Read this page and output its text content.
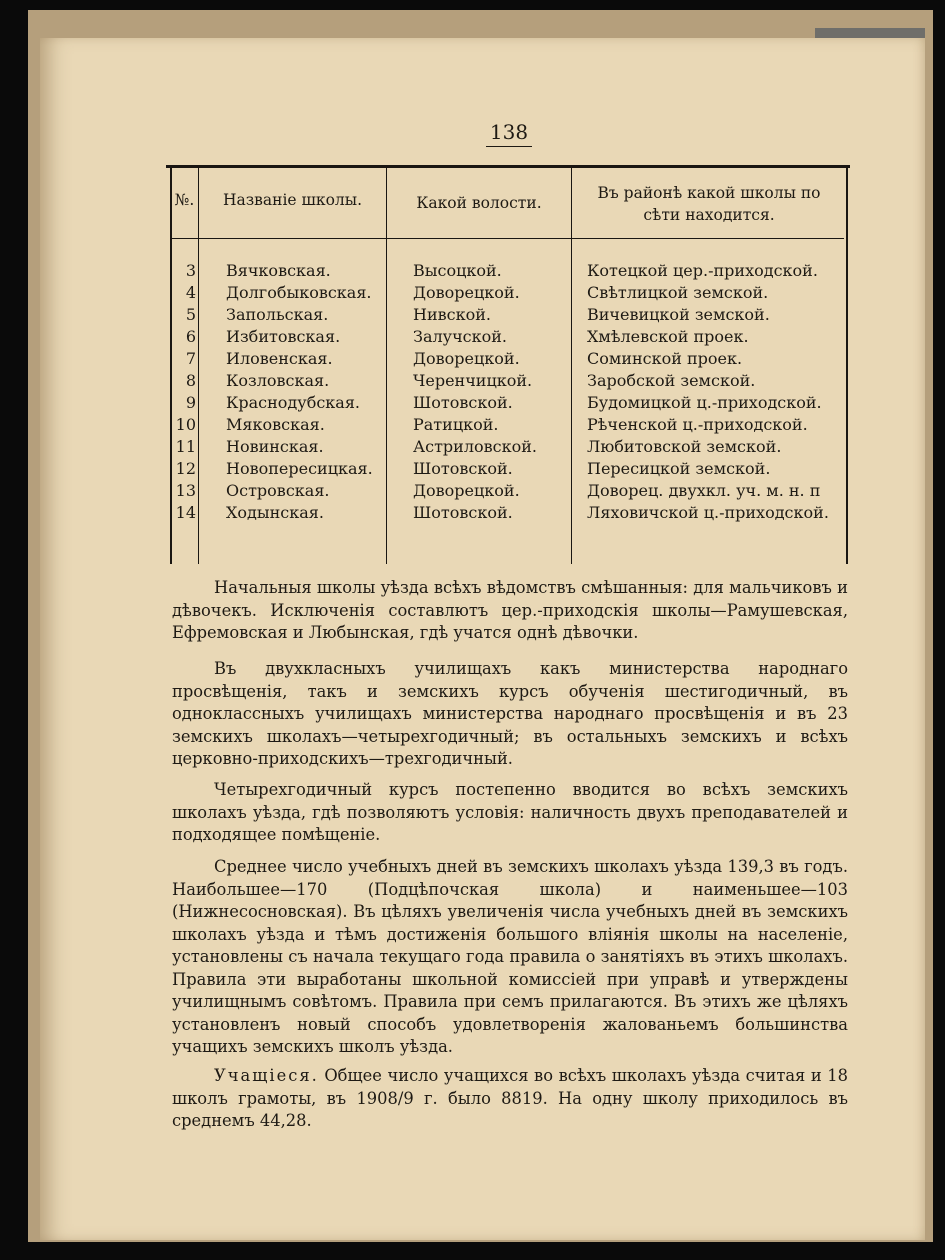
138
№.	Названіе школы.	Какой волости.
Въ районѣ какой школы по
сѣти находится.
3 Вячковская.	Высоцкой.	Котецкой цер.-приходской.
4 Долгобыковская.	Доворецкой.	Свѣтлицкой земской.
5 Запольская.	Нивской.	Вичевицкой земской.
6 Избитовская.	Залучской.	Хмѣлевской проек.
7 Иловенская.	Доворецкой.	Соминской проек.
8 Козловская.	Черенчицкой.	Заробской земской.
9 Краснодубская.	Шотовской.	Будомицкой ц.-приходской.
10 Мяковская.	Ратицкой.	Рѣченской ц.-приходской.
11 Новинская.	Астриловской.	Любитовской земской.
12 Новопересицкая.	Шотовской.	Пересицкой земской.
13 Островская.	Доворецкой.	Доворец. двухкл. уч. м. н. п
14 Ходынская.	Шотовской.	Ляховичской ц.-приходской.

Начальныя школы уѣзда всѣхъ вѣдомствъ смѣшанныя: для мальчиковъ и дѣвочекъ. Исключенія составлютъ цер.-приходскія школы—Рамушевская, Ефремовская и Любынская, гдѣ учатся однѣ дѣвочки.

Въ двухкласныхъ училищахъ какъ министерства народнаго просвѣщенія, такъ и земскихъ курсъ обученія шестигодичный, въ одноклассныхъ училищахъ министерства народнаго просвѣщенія и въ 23 земскихъ школахъ—четырехгодичный; въ остальныхъ земскихъ и всѣхъ церковно-приходскихъ—трехгодичный.

Четырехгодичный курсъ постепенно вводится во всѣхъ земскихъ школахъ уѣзда, гдѣ позволяютъ условія: наличность двухъ преподавателей и подходящее помѣщеніе.

Среднее число учебныхъ дней въ земскихъ школахъ уѣзда 139,3 въ годъ. Наибольшее—170 (Подцѣпочская школа) и наименьшее—103 (Нижнесосновская). Въ цѣляхъ увеличенія числа учебныхъ дней въ земскихъ школахъ уѣзда и тѣмъ достиженія большого вліянія школы на населеніе, установлены съ начала текущаго года правила о занятіяхъ въ этихъ школахъ. Правила эти выработаны школьной комиссіей при управѣ и утверждены училищнымъ совѣтомъ. Правила при семъ прилагаются. Въ этихъ же цѣляхъ установленъ новый способъ удовлетворенія жалованьемъ большинства учащихъ земскихъ школъ уѣзда.

Учащіеся. Общее число учащихся во всѣхъ школахъ уѣзда считая и 18 школъ грамоты, въ 1908/9 г. было 8819. На одну школу приходилось въ среднемъ 44,28.
